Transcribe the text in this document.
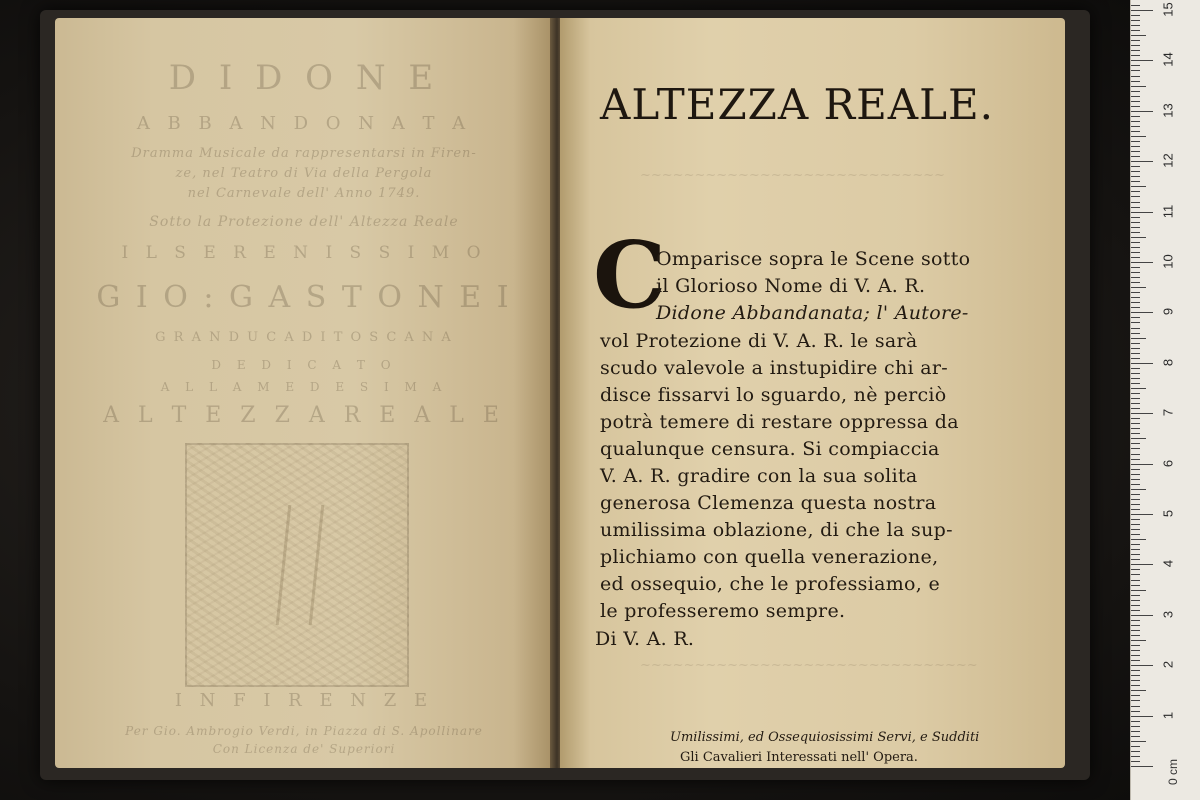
D I D O N E
A B B A N D O N A T A
Dramma Musicale da rappresentarsi in Firen-
ze, nel Teatro di Via della Pergola
nel Carnevale dell' Anno 1749.
Sotto la Protezione dell' Altezza Reale
I L S E R E N I S S I M O
G I O : G A S T O N E I
G R A N D U C A D I T O S C A N A
D E D I C A T O
A L L A M E D E S I M A
A L T E Z Z A R E A L E
I N F I R E N Z E
Per Gio. Ambrogio Verdi, in Piazza di S. Apollinare
Con Licenza de' Superiori
~~~~~~~~~~~~~~~~~~~~~~~~~~~~
~~~~~~~~~~~~~~~~~~~~~~~~~~~~~~~
ALTEZZA REALE.
C
Omparisce sopra le Scene sotto
il Glorioso Nome di V. A. R.
Didone Abbandanata; l' Autore-
vol Protezione di V. A. R. le sarà
scudo valevole a instupidire chi ar-
disce fissarvi lo sguardo, nè perciò
potrà temere di restare oppressa da
qualunque censura. Si compiaccia
V. A. R. gradire con la sua solita
generosa Clemenza questa nostra
umilissima oblazione, di che la sup-
plichiamo con quella venerazione,
ed ossequio, che le professiamo, e
le professeremo sempre.
Di V. A. R.
Umilissimi, ed Ossequiosissimi Servi, e Sudditi
Gli Cavalieri Interessati nell' Opera.
1
2
3
4
5
6
7
8
9
10
11
12
13
14
15
0 cm
